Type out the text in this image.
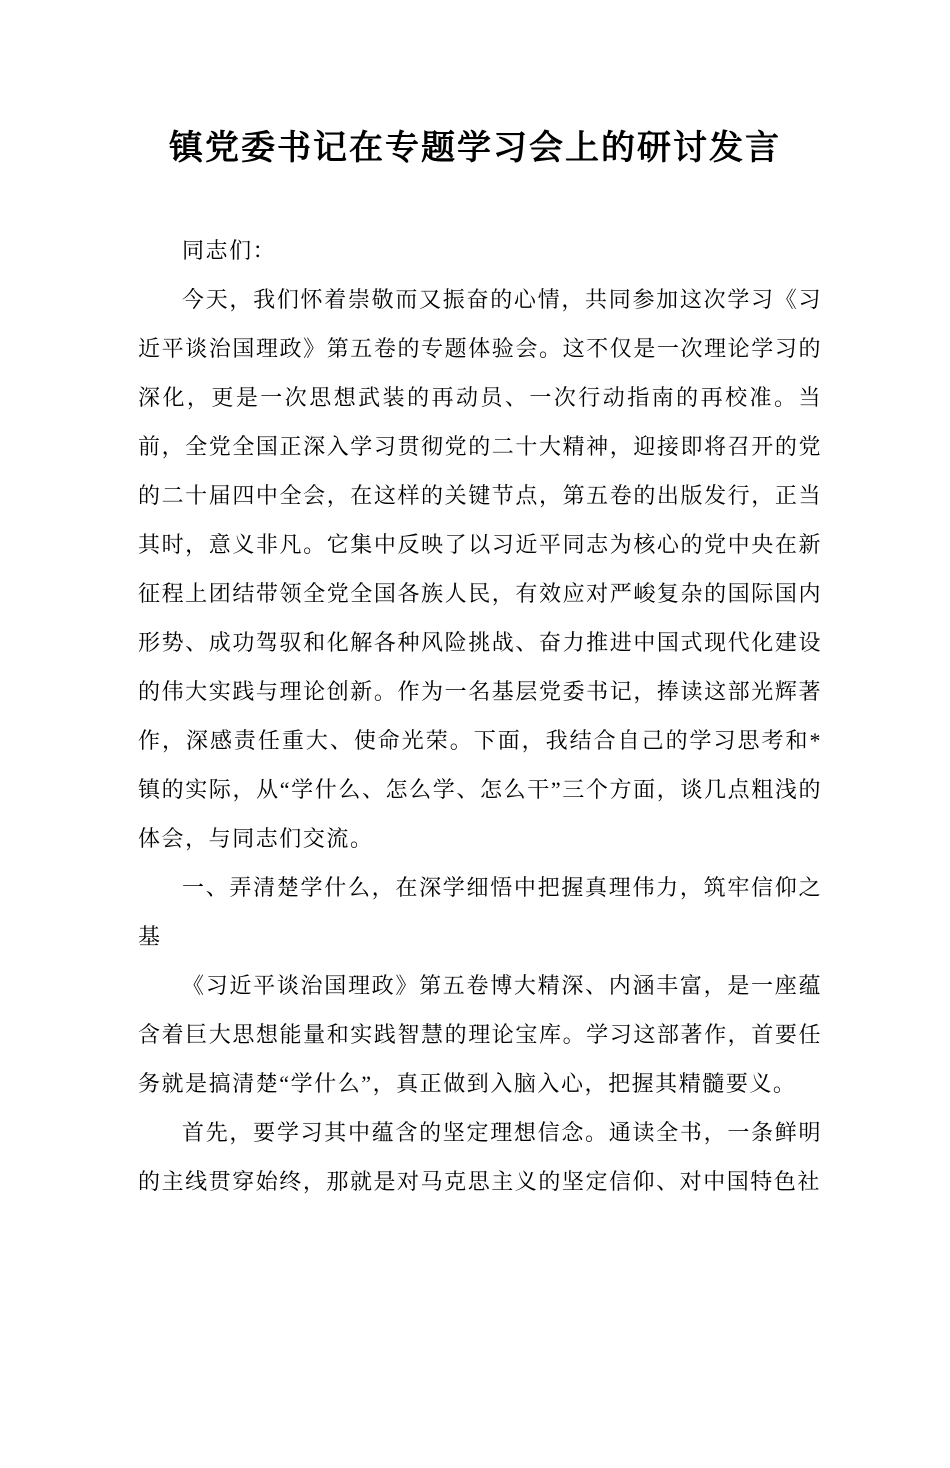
镇党委书记在专题学习会上的研讨发言

同志们：

今天，我们怀着崇敬而又振奋的心情，共同参加这次学习《习近平谈治国理政》第五卷的专题体验会。这不仅是一次理论学习的深化，更是一次思想武装的再动员、一次行动指南的再校准。当前，全党全国正深入学习贯彻党的二十大精神，迎接即将召开的党的二十届四中全会，在这样的关键节点，第五卷的出版发行，正当其时，意义非凡。它集中反映了以习近平同志为核心的党中央在新征程上团结带领全党全国各族人民，有效应对严峻复杂的国际国内形势、成功驾驭和化解各种风险挑战、奋力推进中国式现代化建设的伟大实践与理论创新。作为一名基层党委书记，捧读这部光辉著作，深感责任重大、使命光荣。下面，我结合自己的学习思考和*镇的实际，从“学什么、怎么学、怎么干”三个方面，谈几点粗浅的体会，与同志们交流。

一、弄清楚学什么，在深学细悟中把握真理伟力，筑牢信仰之基

《习近平谈治国理政》第五卷博大精深、内涵丰富，是一座蕴含着巨大思想能量和实践智慧的理论宝库。学习这部著作，首要任务就是搞清楚“学什么”，真正做到入脑入心，把握其精髓要义。

首先，要学习其中蕴含的坚定理想信念。通读全书，一条鲜明的主线贯穿始终，那就是对马克思主义的坚定信仰、对中国特色社
